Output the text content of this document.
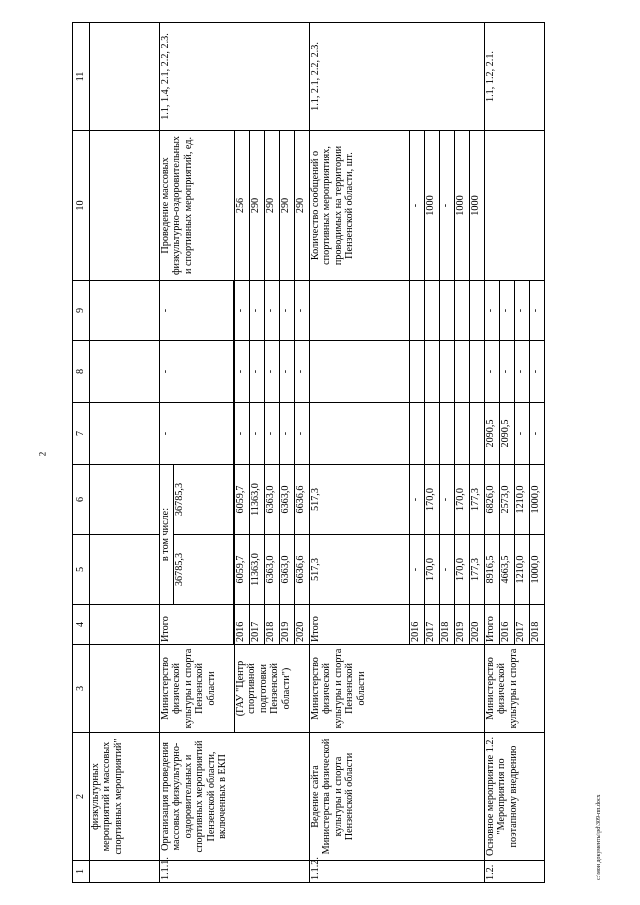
2
c:\мои документы\pd\309-пп.docx
1	2	3	4	5	6	7	8	9	10	11
	физкультурных мероприятий и массовых спортивных мероприятий"									
1.1.1.	Организация проведения массовых физкультурно-оздоровительных и спортивных мероприятий Пензенской области, включенных в ЕКП	Министерство физической культуры и спорта Пензенской области	Итого	в том числе:		-	-	-	Проведение массовых физкультурно-оздоровительных и спортивных мероприятий, ед.	1.1, 1.4, 2.1, 2.2, 2.3.
				36785,3	36785,3					

		(ГАУ "Центр спортивной подготовки Пензенской области")	2016	6059,7	6059,7	-	-	-	256	
			2017	11363,0	11363,0	-	-	-	290	
			2018	6363,0	6363,0	-	-	-	290	
			2019	6363,0	6363,0	-	-	-	290	
			2020	6636,6	6636,6	-	-	-	290	
1.1.2.	Ведение сайта Министерства физической культуры и спорта Пензенской области	Министерство физической культуры и спорта Пензенской области	Итого	517,3	517,3				Количество сообщений о спортивных мероприятиях, проводимых на территории Пензенской области, шт.	1.1, 2.1, 2.2, 2.3.
			2016	-	-				-	
			2017	170,0	170,0				1000	
			2018	-	-				-	
			2019	170,0	170,0				1000	
			2020	177,3	177,3				1000	
1.2.	Основное мероприятие 1.2. "Мероприятия по поэтапному внедрению	Министерство физической культуры и спорта	Итого	8916,5	6826,0	2090,5	-	-		1.1, 1.2, 2.1.
			2016	4663,5	2573,0	2090,5	-	-		
			2017	1210,0	1210,0	-	-	-		
			2018	1000,0	1000,0	-	-	-		
